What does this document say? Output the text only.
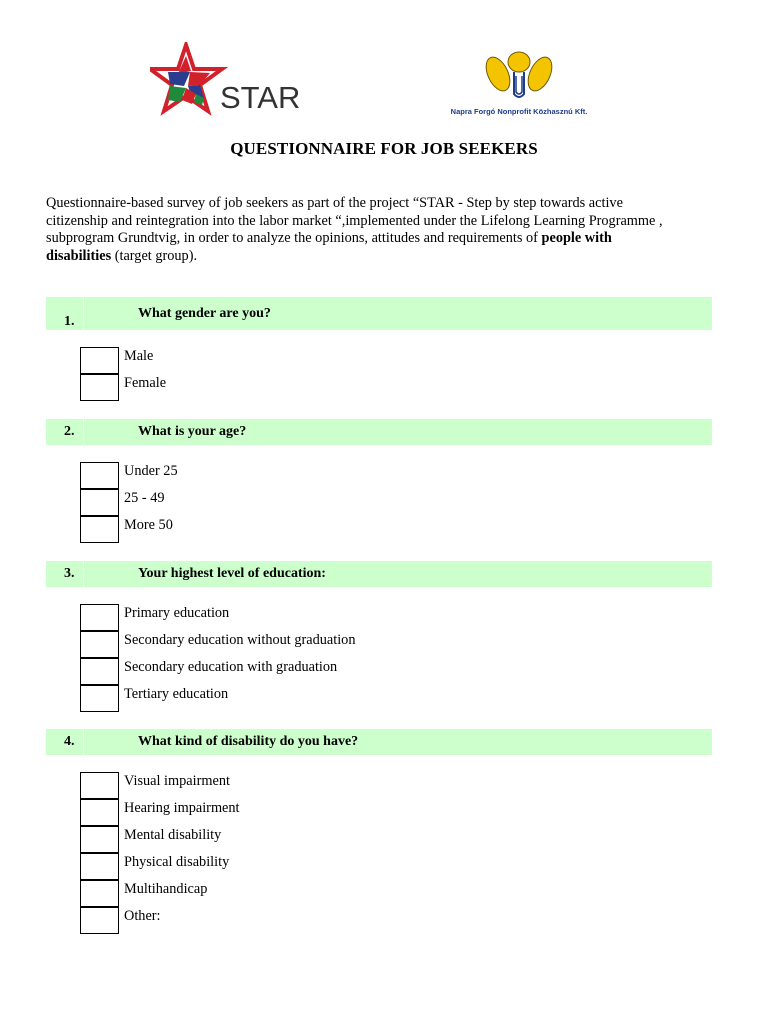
STAR	Napra Forgó Nonprofit Közhasznú Kft.
QUESTIONNAIRE FOR JOB SEEKERS
Questionnaire-based survey of job seekers as part of the project “STAR - Step by step towards active
citizenship and reintegration into the labor market “,implemented under the Lifelong Learning Programme ,
subprogram Grundtvig, in order to analyze the opinions, attitudes and requirements of people with
disabilities (target group).
1.
What gender are you?
Male
Female
2.	What is your age?
Under 25
25 - 49
More 50
3.	Your highest level of education:
Primary education
Secondary education without graduation
Secondary education with graduation
Tertiary education
4.	What kind of disability do you have?
Visual impairment
Hearing impairment
Mental disability
Physical disability
Multihandicap
Other:
